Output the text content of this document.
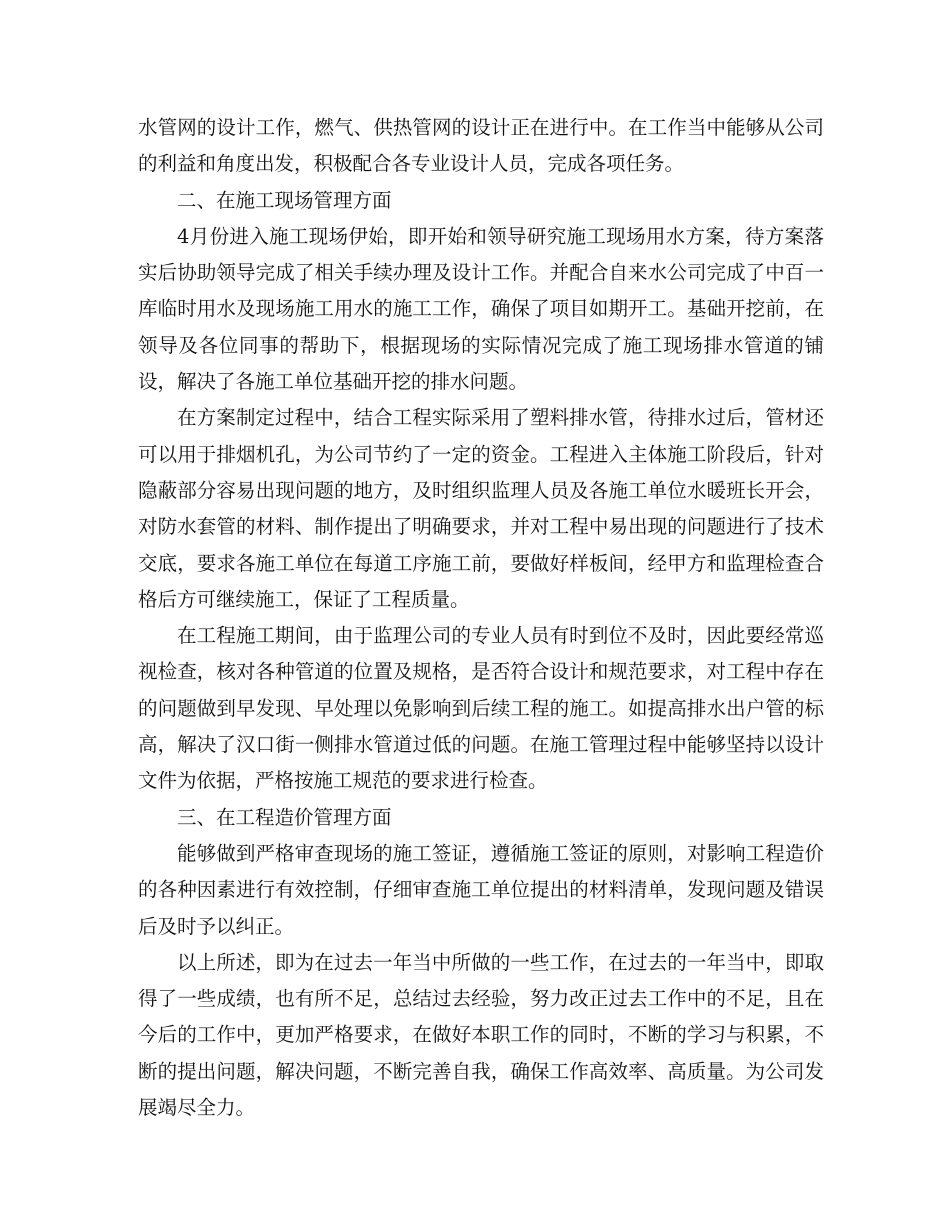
水管网的设计工作，燃气、供热管网的设计正在进行中。在工作当中能够从公司的利益和角度出发，积极配合各专业设计人员，完成各项任务。

二、在施工现场管理方面

4月份进入施工现场伊始，即开始和领导研究施工现场用水方案，待方案落实后协助领导完成了相关手续办理及设计工作。并配合自来水公司完成了中百一库临时用水及现场施工用水的施工工作，确保了项目如期开工。基础开挖前，在领导及各位同事的帮助下，根据现场的实际情况完成了施工现场排水管道的铺设，解决了各施工单位基础开挖的排水问题。

在方案制定过程中，结合工程实际采用了塑料排水管，待排水过后，管材还可以用于排烟机孔，为公司节约了一定的资金。工程进入主体施工阶段后，针对隐蔽部分容易出现问题的地方，及时组织监理人员及各施工单位水暖班长开会，对防水套管的材料、制作提出了明确要求，并对工程中易出现的问题进行了技术交底，要求各施工单位在每道工序施工前，要做好样板间，经甲方和监理检查合格后方可继续施工，保证了工程质量。

在工程施工期间，由于监理公司的专业人员有时到位不及时，因此要经常巡视检查，核对各种管道的位置及规格，是否符合设计和规范要求，对工程中存在的问题做到早发现、早处理以免影响到后续工程的施工。如提高排水出户管的标高，解决了汉口街一侧排水管道过低的问题。在施工管理过程中能够坚持以设计文件为依据，严格按施工规范的要求进行检查。

三、在工程造价管理方面

能够做到严格审查现场的施工签证，遵循施工签证的原则，对影响工程造价的各种因素进行有效控制，仔细审查施工单位提出的材料清单，发现问题及错误后及时予以纠正。

以上所述，即为在过去一年当中所做的一些工作，在过去的一年当中，即取得了一些成绩，也有所不足，总结过去经验，努力改正过去工作中的不足，且在今后的工作中，更加严格要求，在做好本职工作的同时，不断的学习与积累，不断的提出问题，解决问题，不断完善自我，确保工作高效率、高质量。为公司发展竭尽全力。
